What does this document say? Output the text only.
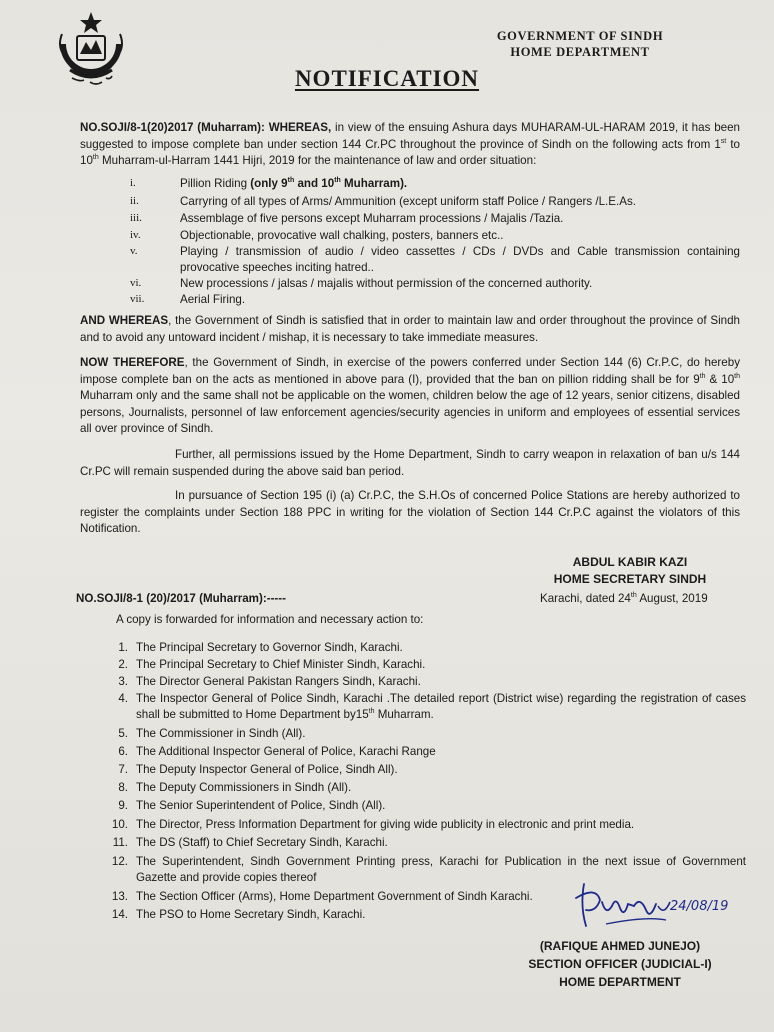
GOVERNMENT OF SINDH
HOME DEPARTMENT
NOTIFICATION
NO.SOJI/8-1(20)2017 (Muharram): WHEREAS, in view of the ensuing Ashura days MUHARAM-UL-HARAM 2019, it has been suggested to impose complete ban under section 144 Cr.PC throughout the province of Sindh on the following acts from 1st to 10th Muharram-ul-Harram 1441 Hijri, 2019 for the maintenance of law and order situation:
i.	Pillion Riding (only 9th and 10th Muharram).
ii.	Carryring of all types of Arms/ Ammunition (except uniform staff Police / Rangers /L.E.As.
iii.	Assemblage of five persons except Muharram processions / Majalis /Tazia.
iv.	Objectionable, provocative wall chalking, posters, banners etc..
v.	Playing / transmission of audio / video cassettes / CDs / DVDs and Cable transmission containing provocative speeches inciting hatred..
vi.	New processions / jalsas / majalis without permission of the concerned authority.
vii.	Aerial Firing.
AND WHEREAS, the Government of Sindh is satisfied that in order to maintain law and order throughout the province of Sindh and to avoid any untoward incident / mishap, it is necessary to take immediate measures.
NOW THEREFORE, the Government of Sindh, in exercise of the powers conferred under Section 144 (6) Cr.P.C, do hereby impose complete ban on the acts as mentioned in above para (I), provided that the ban on pillion ridding shall be for 9th & 10th Muharram only and the same shall not be applicable on the women, children below the age of 12 years, senior citizens, disabled persons, Journalists, personnel of law enforcement agencies/security agencies in uniform and employees of essential services all over province of Sindh.
Further, all permissions issued by the Home Department, Sindh to carry weapon in relaxation of ban u/s 144 Cr.PC will remain suspended during the above said ban period.
In pursuance of Section 195 (i) (a) Cr.P.C, the S.H.Os of concerned Police Stations are hereby authorized to register the complaints under Section 188 PPC in writing for the violation of Section 144 Cr.P.C against the violators of this Notification.
ABDUL KABIR KAZI
HOME SECRETARY SINDH
NO.SOJI/8-1 (20)/2017 (Muharram):-----	Karachi, dated 24th August, 2019
A copy is forwarded for information and necessary action to:
1. The Principal Secretary to Governor Sindh, Karachi.
2. The Principal Secretary to Chief Minister Sindh, Karachi.
3. The Director General Pakistan Rangers Sindh, Karachi.
4. The Inspector General of Police Sindh, Karachi .The detailed report (District wise) regarding the registration of cases shall be submitted to Home Department by15th Muharram.
5. The Commissioner in Sindh (All).
6. The Additional Inspector General of Police, Karachi Range
7. The Deputy Inspector General of Police, Sindh All).
8. The Deputy Commissioners in Sindh (All).
9. The Senior Superintendent of Police, Sindh (All).
10. The Director, Press Information Department for giving wide publicity in electronic and print media.
11. The DS (Staff) to Chief Secretary Sindh, Karachi.
12. The Superintendent, Sindh Government Printing press, Karachi for Publication in the next issue of Government Gazette and provide copies thereof
13. The Section Officer (Arms), Home Department Government of Sindh Karachi.
14. The PSO to Home Secretary Sindh, Karachi.
24/08/19
(RAFIQUE AHMED JUNEJO)
SECTION OFFICER (JUDICIAL-I)
HOME DEPARTMENT
